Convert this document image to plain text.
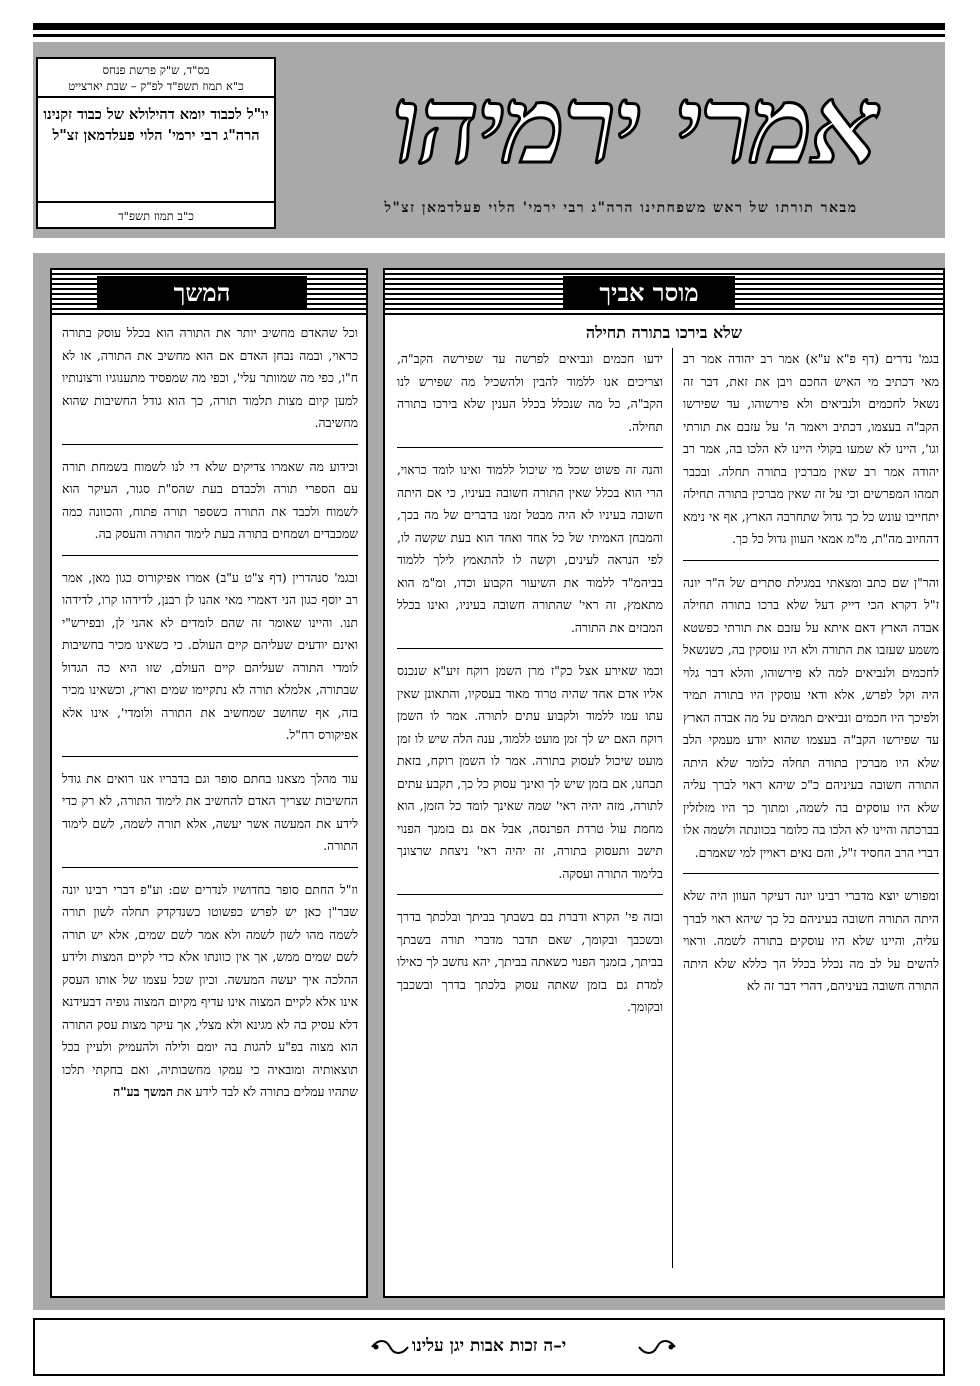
בס"ד, ש"ק פרשת פנחס
כ"א תמוז תשפ"ד לפ"ק – שבת יארצייט
יו"ל לכבוד יומא דהילולא של כבוד זקנינו הרה"ג רבי ירמי' הלוי פעלדמאן זצ"ל
כ"ב תמוז תשפ"ד
אמרי ירמיהו
מבאר תורתו של ראש משפחתינו הרה"ג רבי ירמי' הלוי פעלדמאן זצ"ל
מוסר אביך
שלא בירכו בתורה תחילה

בגמ' נדרים (דף פ"א ע"א) אמר רב יהודה אמר רב מאי דכתיב מי האיש החכם ויבן את זאת, דבר זה נשאל לחכמים ולנביאים ולא פירשוהו, עד שפירשו הקב"ה בעצמו, דכתיב ויאמר ה' על עזבם את תורתי וגו', היינו לא שמעו בקולי היינו לא הלכו בה, אמר רב יהודה אמר רב שאין מברכין בתורה תחלה. ובכבר תמהו המפרשים וכי על זה שאין מברכין בתורה תחילה יתחייבו עונש כל כך גדול שתחרבה הארץ, אף אי נימא דהחיוב מה"ת, מ"מ אמאי העוון גדול כל כך.

והר"ן שם כתב ומצאתי במגילת סתרים של ה"ר יונה ז"ל דקרא הכי דייק דעל שלא ברכו בתורה תחילה אבדה הארץ דאם איתא על עזבם את תורתי כפשטא משמע שעזבו את התורה ולא היו עוסקין בה, כשנשאל לחכמים ולנביאים למה לא פירשוהו, והלא דבר גלוי היה וקל לפרש, אלא ודאי עוסקין היו בתורה תמיד ולפיכך היו חכמים ונביאים תמהים על מה אבדה הארץ עד שפירשו הקב"ה בעצמו שהוא יודע מעמקי הלב שלא היו מברכין בתורה תחלה כלומר שלא היתה התורה חשובה בעיניהם כ"כ שיהא ראוי לברך עליה שלא היו עוסקים בה לשמה, ומתוך כך היו מזלזלין בברכתה והיינו לא הלכו בה כלומר בכוונתה ולשמה אלו דברי הרב החסיד ז"ל, והם נאים ראויין למי שאמרם.

ומפורש יוצא מדברי רבינו יונה דעיקר העוון היה שלא היתה התורה חשובה בעיניהם כל כך שיהא ראוי לברך עליה, והיינו שלא היו עוסקים בתורה לשמה. וראוי להשים על לב מה נכלל בכלל הך כללא שלא היתה התורה חשובה בעיניהם, דהרי דבר זה לא

ידעו חכמים ונביאים לפרשה עד שפירשה הקב"ה, וצריכים אנו ללמוד להבין ולהשכיל מה שפירש לנו הקב"ה, כל מה שנכלל בכלל הענין שלא בירכו בתורה תחילה.

והנה זה פשוט שכל מי שיכול ללמוד ואינו לומד כראוי, הרי הוא בכלל שאין התורה חשובה בעיניו, כי אם היתה חשובה בעיניו לא היה מבטל זמנו בדברים של מה בכך, והמבחן האמיתי של כל אחד ואחד הוא בעת שקשה לו, לפי הנראה לעינים, וקשה לו להתאמץ לילך ללמוד בביהמ"ד ללמוד את השיעור הקבוע וכדו, ומ"מ הוא מתאמץ, זה ראי' שהתורה חשובה בעיניו, ואינו בכלל המבזים את התורה.

וכמו שאירע אצל כק"ז מרן השמן רוקח זיע"א שנכנס אליו אדם אחד שהיה טרוד מאוד בעסקיו, והתאונן שאין עתו עמו ללמוד ולקבוע עתים לתורה. אמר לו השמן רוקח האם יש לך זמן מועט ללמוד, ענה הלה שיש לו זמן מועט שיכול לעסוק בתורה. אמר לו השמן רוקח, בזאת תבחנו, אם בזמן שיש לך ואינך עסוק כל כך, תקבע עתים לתורה, מזה יהיה ראי' שמה שאינך לומד כל הזמן, הוא מחמת עול טרדת הפרנסה, אבל אם גם בזמנך הפנוי תישב ותעסוק בתורה, זה יהיה ראי' ניצחת שרצונך בלימוד התורה ועסקה.

ובזה פי' הקרא ודברת בם בשבתך בביתך ובלכתך בדרך ובשכבך ובקומך, שאם תדבר מדברי תורה בשבתך בביתך, בזמנך הפנוי כשאתה בביתך, יהא נחשב לך כאילו למדת גם בזמן שאתה עסוק בלכתך בדרך ובשכבך ובקומך.

המשך

וכל שהאדם מחשיב יותר את התורה הוא בכלל עוסק בתורה כראוי, ובמה נבחן האדם אם הוא מחשיב את התורה, או לא ח"ו, כפי מה שמוותר עלי', וכפי מה שמפסיד מתענוגיו ורצונותיו למען קיום מצות תלמוד תורה, כך הוא גודל החשיבות שהוא מחשיבה.

וכידוע מה שאמרו צדיקים שלא די לנו לשמוח בשמחת תורה עם הספרי תורה ולכבדם בעת שהס"ת סגור, העיקר הוא לשמוח ולכבד את התורה כשספר תורה פתוח, והכוונה כמה שמכבדים ושמחים בתורה בעת לימוד התורה והעסק בה.

ובגמ' סנהדרין (דף צ"ט ע"ב) אמרו אפיקורוס כגון מאן, אמר רב יוסף כגון הני דאמרי מאי אהנו לן רבנן, לדידהו קרו, לדידהו תנו. והיינו שאומר זה שהם לומדים לא אהני לן, ובפירש"י ואינם יודעים שעליהם קיים העולם. כי כשאינו מכיר בחשיבות לומדי התורה שעליהם קיים העולם, שזו היא כה הגדול שבתורה, אלמלא תורה לא נתקיימו שמים וארץ, וכשאינו מכיר בזה, אף שחושב שמחשיב את התורה ולומדי', אינו אלא אפיקורס רח"ל.

עוד מהלך מצאנו בחתם סופר וגם בדבריו אנו רואים את גודל החשיבות שצריך האדם להחשיב את לימוד התורה, לא רק כדי לידע את המעשה אשר יעשה, אלא תורה לשמה, לשם לימוד התורה.

וז"ל החתם סופר בחדושיו לנדרים שם: וע"פ דברי רבינו יונה שבר"ן כאן יש לפרש כפשוטו כשנדקדק תחלה לשון תורה לשמה מהו לשון לשמה ולא אמר לשם שמים, אלא יש תורה לשם שמים ממש, אך אין כוונתו אלא כדי לקיים המצות ולידע ההלכה איך יעשה המעשה. וכיון שכל עצמו של אותו העסק אינו אלא לקיים המצוה אינו עדיף מקיום המצוה גופיה דבעידנא דלא עסיק בה לא מגינא ולא מצלי, אך עיקר מצות עסק התורה הוא מצוה בפ"ע להגות בה יומם ולילה ולהעמיק ולעיין בכל תוצאותיה ומובאיה כי עמקו מחשבותיה, ואם בחקתי תלכו שתהיו עמלים בתורה לא לבד לידע את המשך בע"ה

י–ה זכות אבות יגן עלינו
